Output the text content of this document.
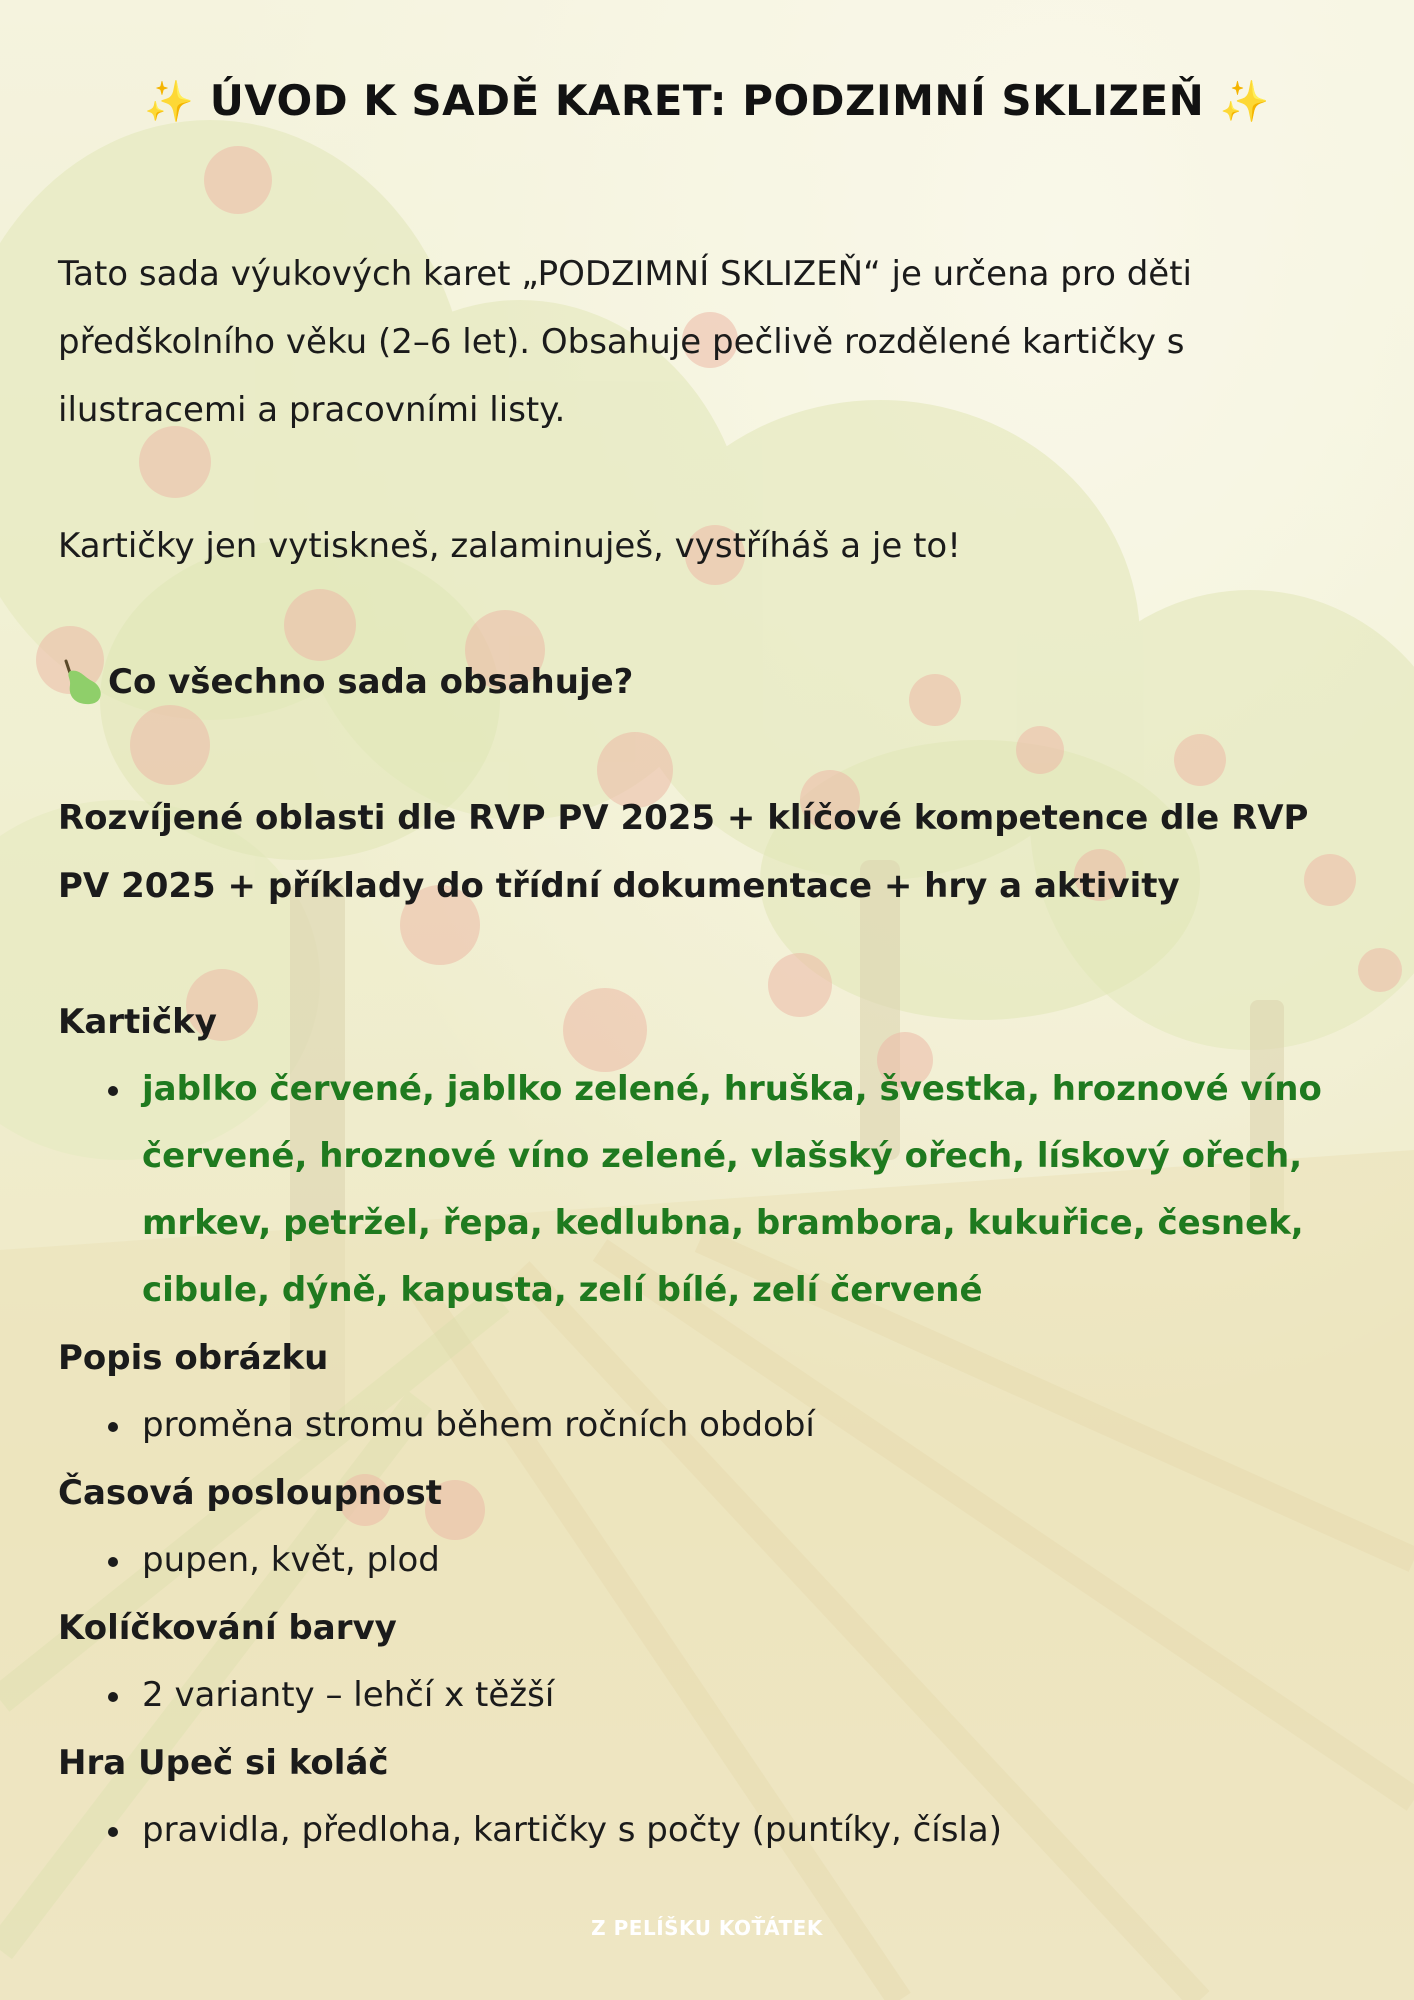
✨ ÚVOD K SADĚ KARET: PODZIMNÍ SKLIZEŇ ✨

Tato sada výukových karet „PODZIMNÍ SKLIZEŇ“ je určena pro děti předškolního věku (2–6 let). Obsahuje pečlivě rozdělené kartičky s ilustracemi a pracovními listy.

Kartičky jen vytiskneš, zalaminuješ, vystříháš a je to!

Co všechno sada obsahuje?

Rozvíjené oblasti dle RVP PV 2025 + klíčové kompetence dle RVP PV 2025 + příklady do třídní dokumentace + hry a aktivity

Kartičky

jablko červené, jablko zelené, hruška, švestka, hroznové víno červené, hroznové víno zelené, vlašský ořech, lískový ořech, mrkev, petržel, řepa, kedlubna, brambora, kukuřice, česnek, cibule, dýně, kapusta, zelí bílé, zelí červené

Popis obrázku

proměna stromu během ročních období

Časová posloupnost

pupen, květ, plod

Kolíčkování barvy

2 varianty – lehčí x těžší

Hra Upeč si koláč

pravidla, předloha, kartičky s počty (puntíky, čísla)
Z PELÍŠKU KOŤÁTEK
